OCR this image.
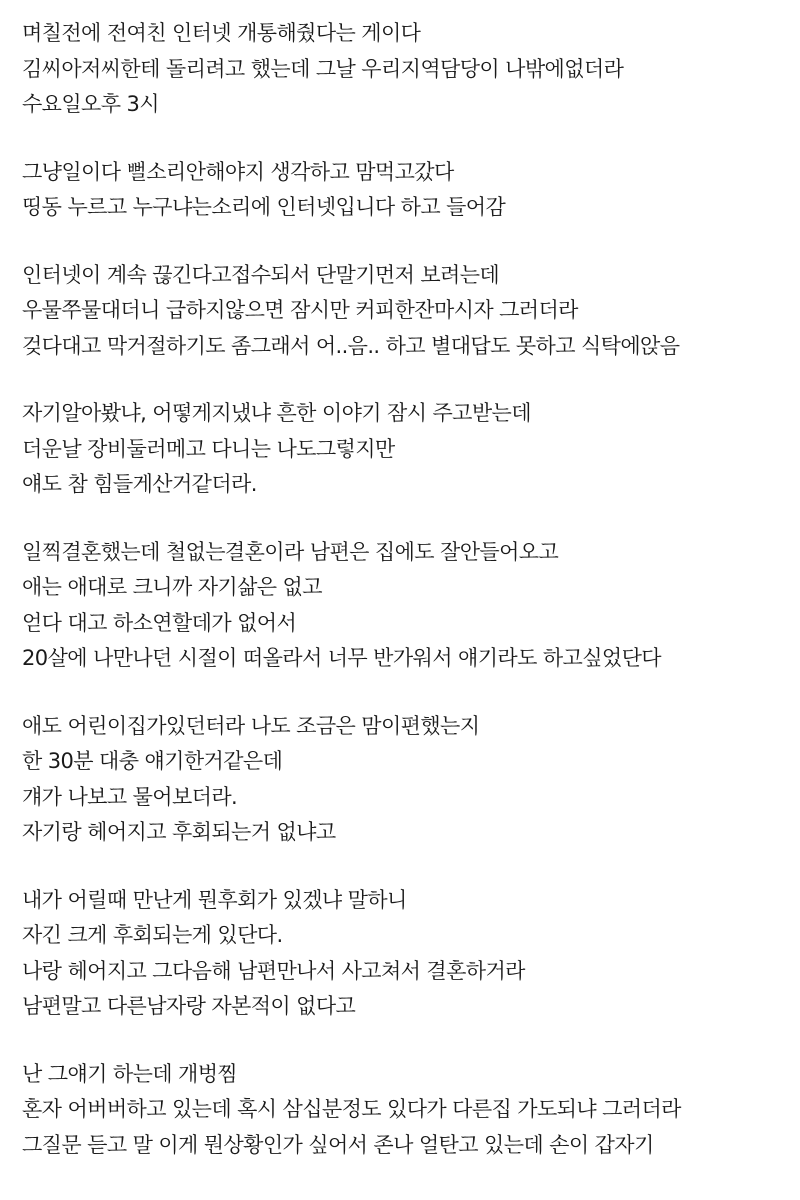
며칠전에 전여친 인터넷 개통해줬다는 게이다
김씨아저씨한테 돌리려고 했는데 그날 우리지역담당이 나밖에없더라
수요일오후 3시
그냥일이다 뻘소리안해야지 생각하고 맘먹고갔다
띵동 누르고 누구냐는소리에 인터넷입니다 하고 들어감
인터넷이 계속 끊긴다고접수되서 단말기먼저 보려는데
우물쭈물대더니 급하지않으면 잠시만 커피한잔마시자 그러더라
겆다대고 막거절하기도 좀그래서 어..음.. 하고 별대답도 못하고 식탁에앉음
자기알아봤냐, 어떻게지냈냐 흔한 이야기 잠시 주고받는데
더운날 장비둘러메고 다니는 나도그렇지만
얘도 참 힘들게산거같더라.
일찍결혼했는데 철없는결혼이라 남편은 집에도 잘안들어오고
애는 애대로 크니까 자기삶은 없고
얻다 대고 하소연할데가 없어서
20살에 나만나던 시절이 떠올라서 너무 반가워서 얘기라도 하고싶었단다
애도 어린이집가있던터라 나도 조금은 맘이편했는지
한 30분 대충 얘기한거같은데
걔가 나보고 물어보더라.
자기랑 헤어지고 후회되는거 없냐고
내가 어릴때 만난게 뭔후회가 있겠냐 말하니
자긴 크게 후회되는게 있단다.
나랑 헤어지고 그다음해 남편만나서 사고쳐서 결혼하거라
남편말고 다른남자랑 자본적이 없다고
난 그얘기 하는데 개벙찜
혼자 어버버하고 있는데 혹시 삼십분정도 있다가 다른집 가도되냐 그러더라
그질문 듣고 말 이게 뭔상황인가 싶어서 존나 얼탄고 있는데 손이 갑자기
